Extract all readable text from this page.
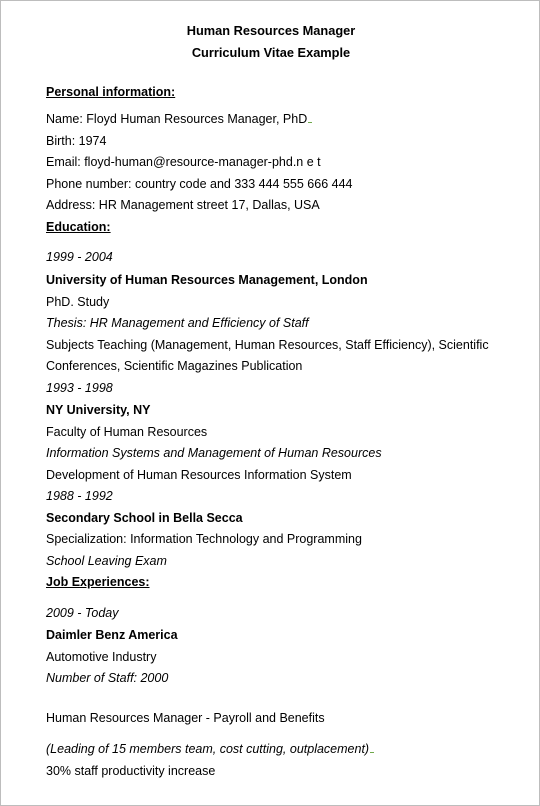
Human Resources Manager
Curriculum Vitae Example
Personal information:
Name: Floyd Human Resources Manager, PhD
Birth: 1974
Email: floyd-human@resource-manager-phd.n e t
Phone number: country code and 333 444 555 666 444
Address: HR Management street 17, Dallas, USA
Education:
1999 - 2004
University of Human Resources Management, London
PhD. Study
Thesis: HR Management and Efficiency of Staff
Subjects Teaching (Management, Human Resources, Staff Efficiency), Scientific
Conferences, Scientific Magazines Publication
1993 - 1998
NY University, NY
Faculty of Human Resources
Information Systems and Management of Human Resources
Development of Human Resources Information System
1988 - 1992
Secondary School in Bella Secca
Specialization: Information Technology and Programming
School Leaving Exam
Job Experiences:
2009 - Today
Daimler Benz America
Automotive Industry
Number of Staff: 2000
Human Resources Manager - Payroll and Benefits
(Leading of 15 members team, cost cutting, outplacement)
30% staff productivity increase
